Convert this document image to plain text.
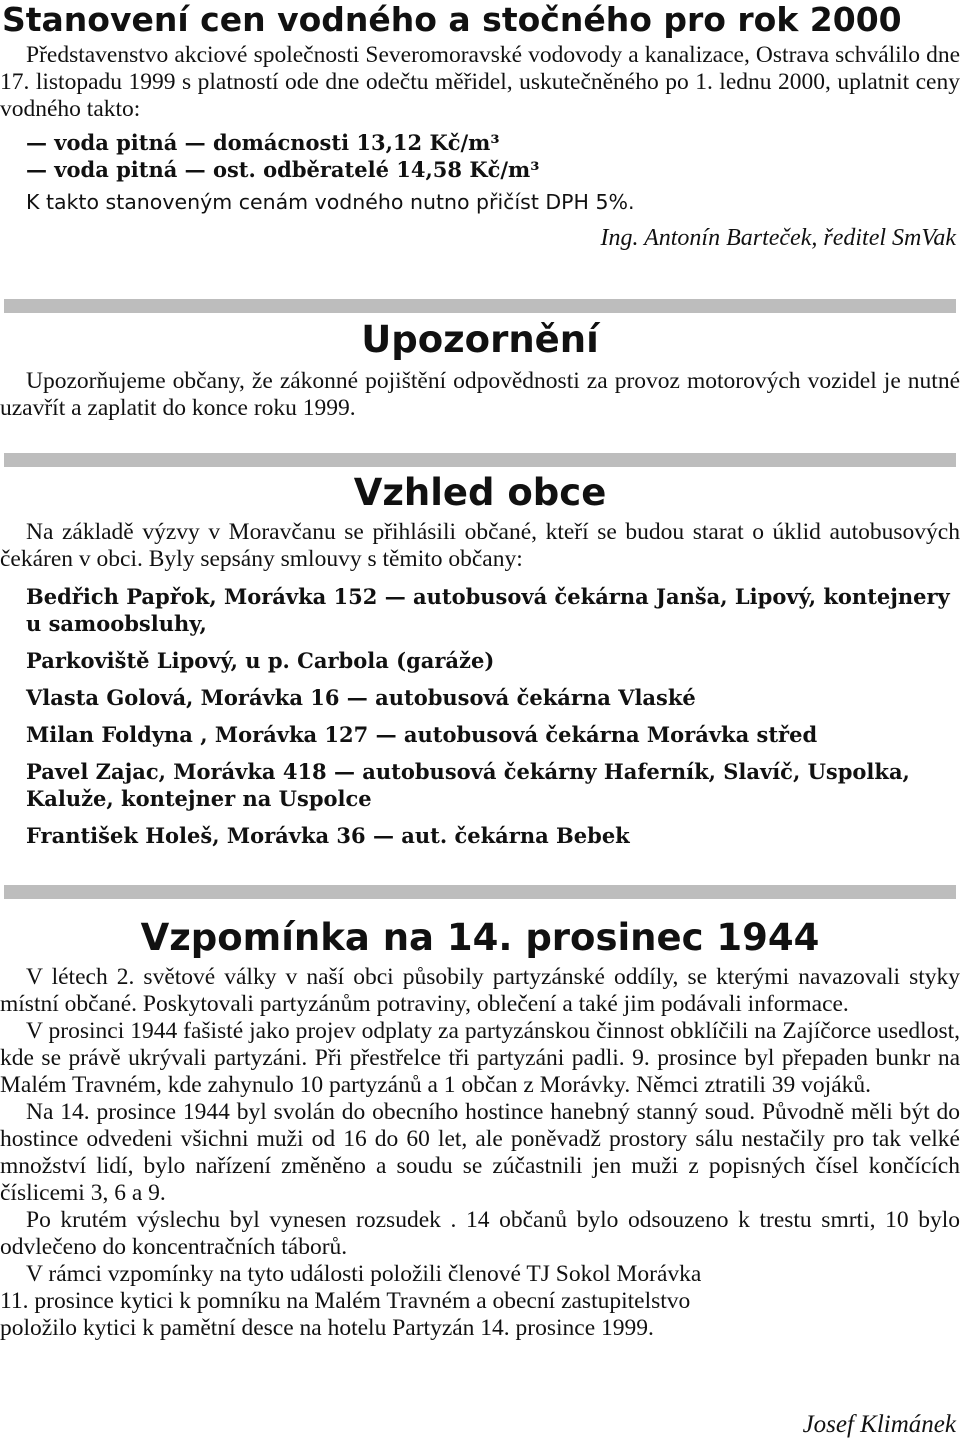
Stanovení cen vodného a stočného pro rok 2000

Představenstvo akciové společnosti Severomoravské vodovody a kanalizace, Ostrava schválilo dne 17. listopadu 1999 s platností ode dne odečtu měřidel, uskutečněného po 1. lednu 2000, uplatnit ceny vodného takto:

— voda pitná — domácnosti 13,12 Kč/m³

— voda pitná — ost. odběratelé 14,58 Kč/m³

K takto stanoveným cenám vodného nutno přičíst DPH 5%.

Ing. Antonín Barteček, ředitel SmVak

Upozornění

Upozorňujeme občany, že zákonné pojištění odpovědnosti za provoz motorových vozidel je nutné uzavřít a zaplatit do konce roku 1999.

Vzhled obce

Na základě výzvy v Moravčanu se přihlásili občané, kteří se budou starat o úklid autobusových čekáren v obci. Byly sepsány smlouvy s těmito občany:

Bedřich Papřok, Morávka 152 — autobusová čekárna Janša, Lipový, kontejnery u samoobsluhy,

Parkoviště Lipový, u p. Carbola (garáže)

Vlasta Golová, Morávka 16 — autobusová čekárna Vlaské

Milan Foldyna , Morávka 127 — autobusová čekárna Morávka střed

Pavel Zajac, Morávka 418 — autobusová čekárny Haferník, Slavíč, Uspolka, Kaluže, kontejner na Uspolce

František Holeš, Morávka 36 — aut. čekárna Bebek

Vzpomínka na 14. prosinec 1944

V létech 2. světové války v naší obci působily partyzánské oddíly, se kterými navazovali styky místní občané. Poskytovali partyzánům potraviny, oblečení a také jim podávali informace.

V prosinci 1944 fašisté jako projev odplaty za partyzánskou činnost obklíčili na Zajíčorce usedlost, kde se právě ukrývali partyzáni. Při přestřelce tři partyzáni padli. 9. prosince byl přepaden bunkr na Malém Travném, kde zahynulo 10 partyzánů a 1 občan z Morávky. Němci ztratili 39 vojáků.

Na 14. prosince 1944 byl svolán do obecního hostince hanebný stanný soud. Původně měli být do hostince odvedeni všichni muži od 16 do 60 let, ale poněvadž prostory sálu nestačily pro tak velké množství lidí, bylo nařízení změněno a soudu se zúčastnili jen muži z popisných čísel končících číslicemi 3, 6 a 9.

Po krutém výslechu byl vynesen rozsudek . 14 občanů bylo odsouzeno k trestu smrti, 10 bylo odvlečeno do koncentračních táborů.

V rámci vzpomínky na tyto události položili členové TJ Sokol Morávka 11. prosince kytici k pomníku na Malém Travném a obecní zastupitelstvo položilo kytici k pamětní desce na hotelu Partyzán 14. prosince 1999.

Josef Klimánek
